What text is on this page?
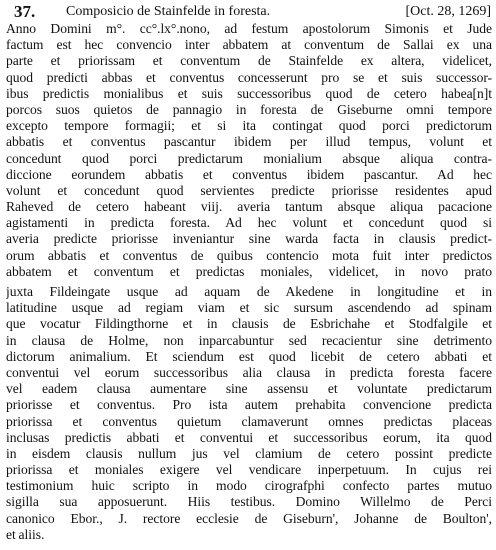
37. Composicio de Stainfelde in foresta.	[Oct. 28, 1269]
Anno Domini m°. cc°.lx°.nono, ad festum apostolorum Simonis et Jude
factum est hec convencio inter abbatem at conventum de Sallai ex una
parte et priorissam et conventum de Stainfelde ex altera, videlicet,
quod predicti abbas et conventus concesserunt pro se et suis successor-
ibus predictis monialibus et suis successoribus quod de cetero habea[n]t
porcos suos quietos de pannagio in foresta de Giseburne omni tempore
excepto tempore formagii; et si ita contingat quod porci predictorum
abbatis et conventus pascantur ibidem per illud tempus, volunt et
concedunt quod porci predictarum monialium absque aliqua contra-
diccione eorundem abbatis et conventus ibidem pascantur. Ad hec
volunt et concedunt quod servientes predicte priorisse residentes apud
Raheved de cetero habeant viij. averia tantum absque aliqua pacacione
agistamenti in predicta foresta. Ad hec volunt et concedunt quod si
averia predicte priorisse inveniantur sine warda facta in clausis predict-
orum abbatis et conventus de quibus contencio mota fuit inter predictos
abbatem et conventum et predictas moniales, videlicet, in novo prato
juxta Fildeingate usque ad aquam de Akedene in longitudine et in
latitudine usque ad regiam viam et sic sursum ascendendo ad spinam
que vocatur Fildingthorne et in clausis de Esbrichahe et Stodfalgile et
in clausa de Holme, non inparcabuntur sed recacientur sine detrimento
dictorum animalium. Et sciendum est quod licebit de cetero abbati et
conventui vel eorum successoribus alia clausa in predicta foresta facere
vel eadem clausa aumentare sine assensu et voluntate predictarum
priorisse et conventus. Pro ista autem prehabita convencione predicta
priorissa et conventus quietum clamaverunt omnes predictas placeas
inclusas predictis abbati et conventui et successoribus eorum, ita quod
in eisdem clausis nullum jus vel clamium de cetero possint predicte
priorissa et moniales exigere vel vendicare inperpetuum. In cujus rei
testimonium huic scripto in modo cirografphi confecto partes mutuo
sigilla sua apposuerunt. Hiis testibus. Domino Willelmo de Perci
canonico Ebor., J. rectore ecclesie de Giseburn', Johanne de Boulton',
et aliis.
